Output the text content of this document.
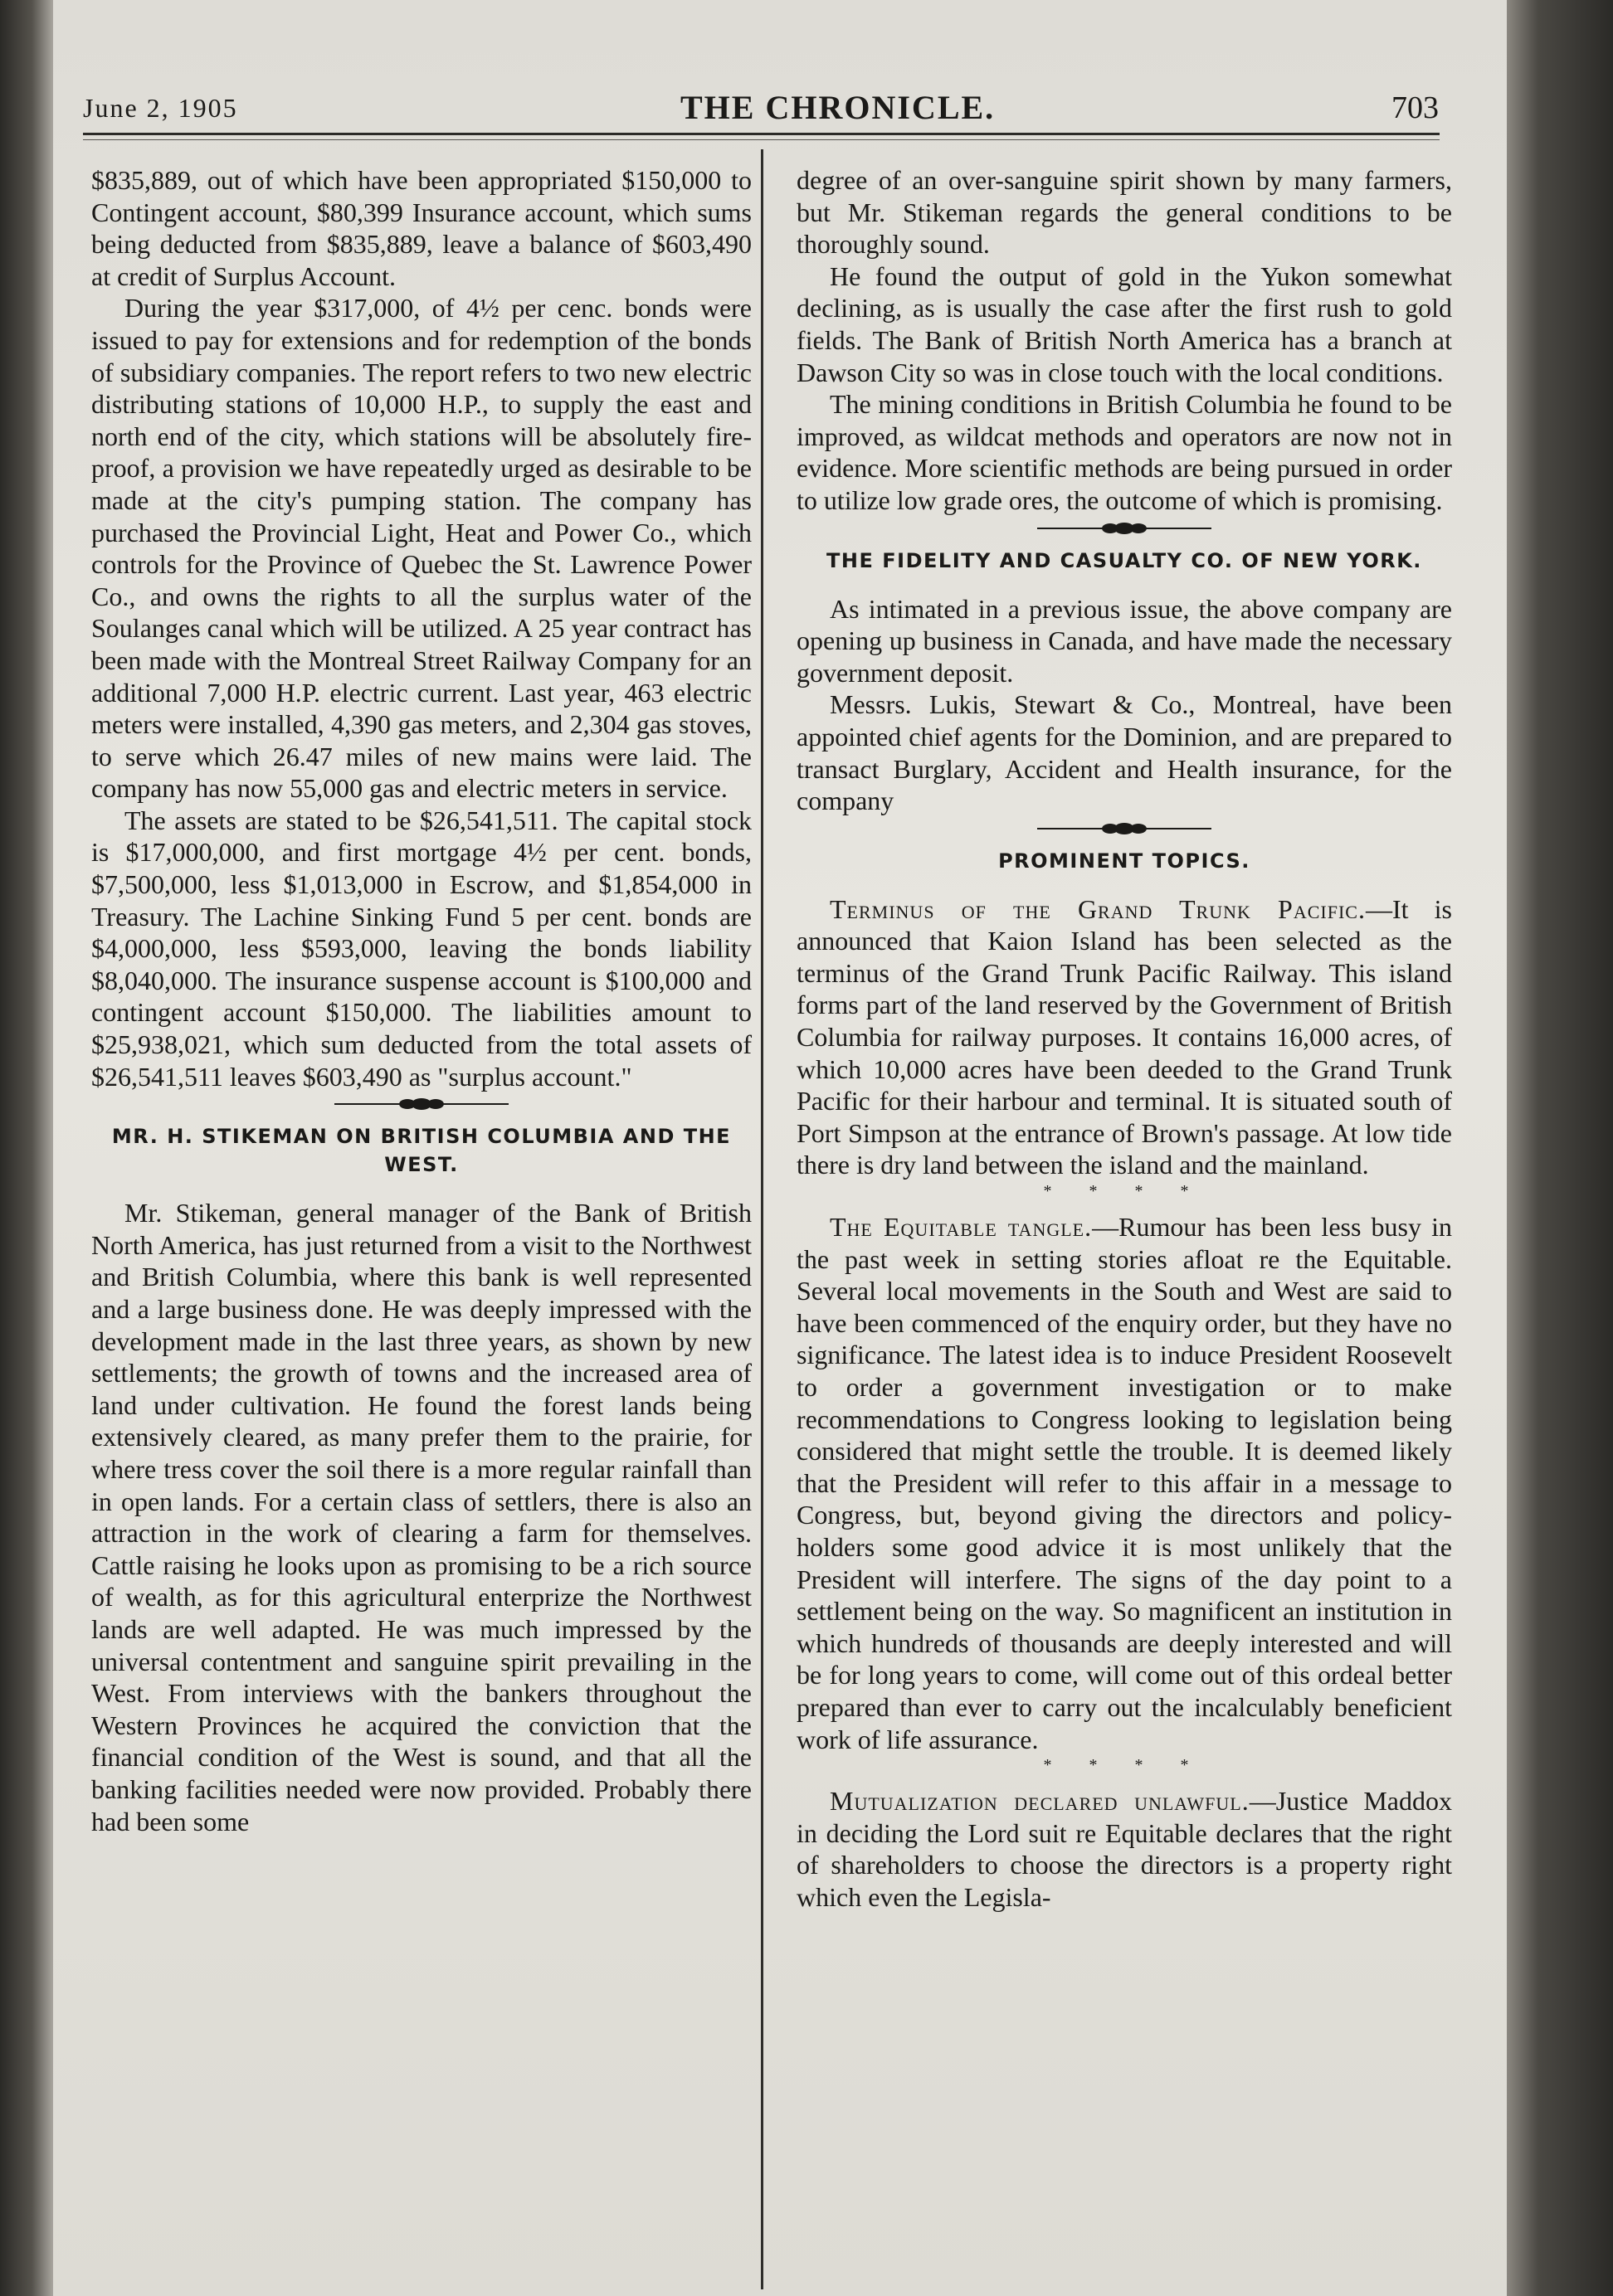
June 2, 1905	THE CHRONICLE.	703

$835,889, out of which have been appropriated $150,000 to Contingent account, $80,399 Insurance account, which sums being deducted from $835,889, leave a balance of $603,490 at credit of Surplus Account.

During the year $317,000, of 4½ per cenc. bonds were issued to pay for extensions and for redemption of the bonds of subsidiary companies. The report refers to two new electric distributing stations of 10,000 H.P., to supply the east and north end of the city, which stations will be absolutely fire-proof, a provision we have repeatedly urged as desirable to be made at the city's pumping station. The company has purchased the Provincial Light, Heat and Power Co., which controls for the Province of Quebec the St. Lawrence Power Co., and owns the rights to all the surplus water of the Soulanges canal which will be utilized. A 25 year contract has been made with the Montreal Street Railway Company for an additional 7,000 H.P. electric current. Last year, 463 electric meters were installed, 4,390 gas meters, and 2,304 gas stoves, to serve which 26.47 miles of new mains were laid. The company has now 55,000 gas and electric meters in service.

The assets are stated to be $26,541,511. The capital stock is $17,000,000, and first mortgage 4½ per cent. bonds, $7,500,000, less $1,013,000 in Escrow, and $1,854,000 in Treasury. The Lachine Sinking Fund 5 per cent. bonds are $4,000,000, less $593,000, leaving the bonds liability $8,040,000. The insurance suspense account is $100,000 and contingent account $150,000. The liabilities amount to $25,938,021, which sum deducted from the total assets of $26,541,511 leaves $603,490 as "surplus account."

MR. H. STIKEMAN ON BRITISH COLUMBIA AND THE WEST.

Mr. Stikeman, general manager of the Bank of British North America, has just returned from a visit to the Northwest and British Columbia, where this bank is well represented and a large business done. He was deeply impressed with the development made in the last three years, as shown by new settlements; the growth of towns and the increased area of land under cultivation. He found the forest lands being extensively cleared, as many prefer them to the prairie, for where tress cover the soil there is a more regular rainfall than in open lands. For a certain class of settlers, there is also an attraction in the work of clearing a farm for themselves. Cattle raising he looks upon as promising to be a rich source of wealth, as for this agricultural enterprize the Northwest lands are well adapted. He was much impressed by the universal contentment and sanguine spirit prevailing in the West. From interviews with the bankers throughout the Western Provinces he acquired the conviction that the financial condition of the West is sound, and that all the banking facilities needed were now provided. Probably there had been some

degree of an over-sanguine spirit shown by many farmers, but Mr. Stikeman regards the general conditions to be thoroughly sound.

He found the output of gold in the Yukon somewhat declining, as is usually the case after the first rush to gold fields. The Bank of British North America has a branch at Dawson City so was in close touch with the local conditions.

The mining conditions in British Columbia he found to be improved, as wildcat methods and operators are now not in evidence. More scientific methods are being pursued in order to utilize low grade ores, the outcome of which is promising.

THE FIDELITY AND CASUALTY CO. OF NEW YORK.

As intimated in a previous issue, the above company are opening up business in Canada, and have made the necessary government deposit.

Messrs. Lukis, Stewart & Co., Montreal, have been appointed chief agents for the Dominion, and are prepared to transact Burglary, Accident and Health insurance, for the company

PROMINENT TOPICS.

Terminus of the Grand Trunk Pacific.—It is announced that Kaion Island has been selected as the terminus of the Grand Trunk Pacific Railway. This island forms part of the land reserved by the Government of British Columbia for railway purposes. It contains 16,000 acres, of which 10,000 acres have been deeded to the Grand Trunk Pacific for their harbour and terminal. It is situated south of Port Simpson at the entrance of Brown's passage. At low tide there is dry land between the island and the mainland.

* * * *

The Equitable tangle.—Rumour has been less busy in the past week in setting stories afloat re the Equitable. Several local movements in the South and West are said to have been commenced of the enquiry order, but they have no significance. The latest idea is to induce President Roosevelt to order a government investigation or to make recommendations to Congress looking to legislation being considered that might settle the trouble. It is deemed likely that the President will refer to this affair in a message to Congress, but, beyond giving the directors and policy-holders some good advice it is most unlikely that the President will interfere. The signs of the day point to a settlement being on the way. So magnificent an institution in which hundreds of thousands are deeply interested and will be for long years to come, will come out of this ordeal better prepared than ever to carry out the incalculably beneficient work of life assurance.

* * * *

Mutualization declared unlawful.—Justice Maddox in deciding the Lord suit re Equitable declares that the right of shareholders to choose the directors is a property right which even the Legisla-
